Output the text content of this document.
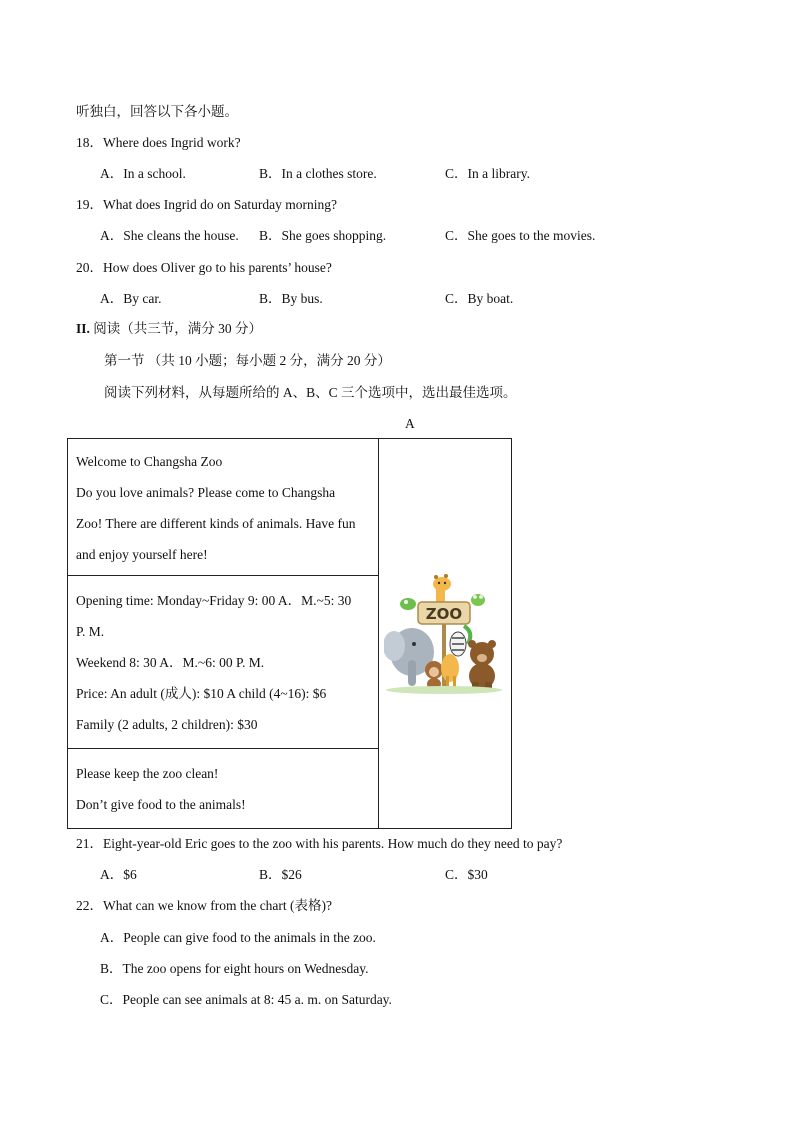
听独白，回答以下各小题。
18．Where does Ingrid work?
A．In a school.	B．In a clothes store.	C．In a library.
19．What does Ingrid do on Saturday morning?
A．She cleans the house. B．She goes shopping.	C．She goes to the movies.
20．How does Oliver go to his parents’ house?
A．By car.	B．By bus.	C．By boat.
II. 阅读（共三节，满分 30 分）
第一节 （共 10 小题；每小题 2 分，满分 20 分）
阅读下列材料，从每题所给的 A、B、C 三个选项中，选出最佳选项。
A
Welcome to Changsha Zoo
Do you love animals? Please come to Changsha
Zoo! There are different kinds of animals. Have fun
and enjoy yourself here!

ZOO

Opening time: Monday~Friday 9: 00 A．M.~5: 30
P. M.
Weekend 8: 30 A．M.~6: 00 P. M.
Price: An adult (成人): $10 A child (4~16): $6
Family (2 adults, 2 children): $30

Please keep the zoo clean!
Don’t give food to the animals!
21．Eight-year-old Eric goes to the zoo with his parents. How much do they need to pay?
A．$6	B．$26	C．$30
22．What can we know from the chart (表格)?
A．People can give food to the animals in the zoo.
B．The zoo opens for eight hours on Wednesday.
C．People can see animals at 8: 45 a. m. on Saturday.
